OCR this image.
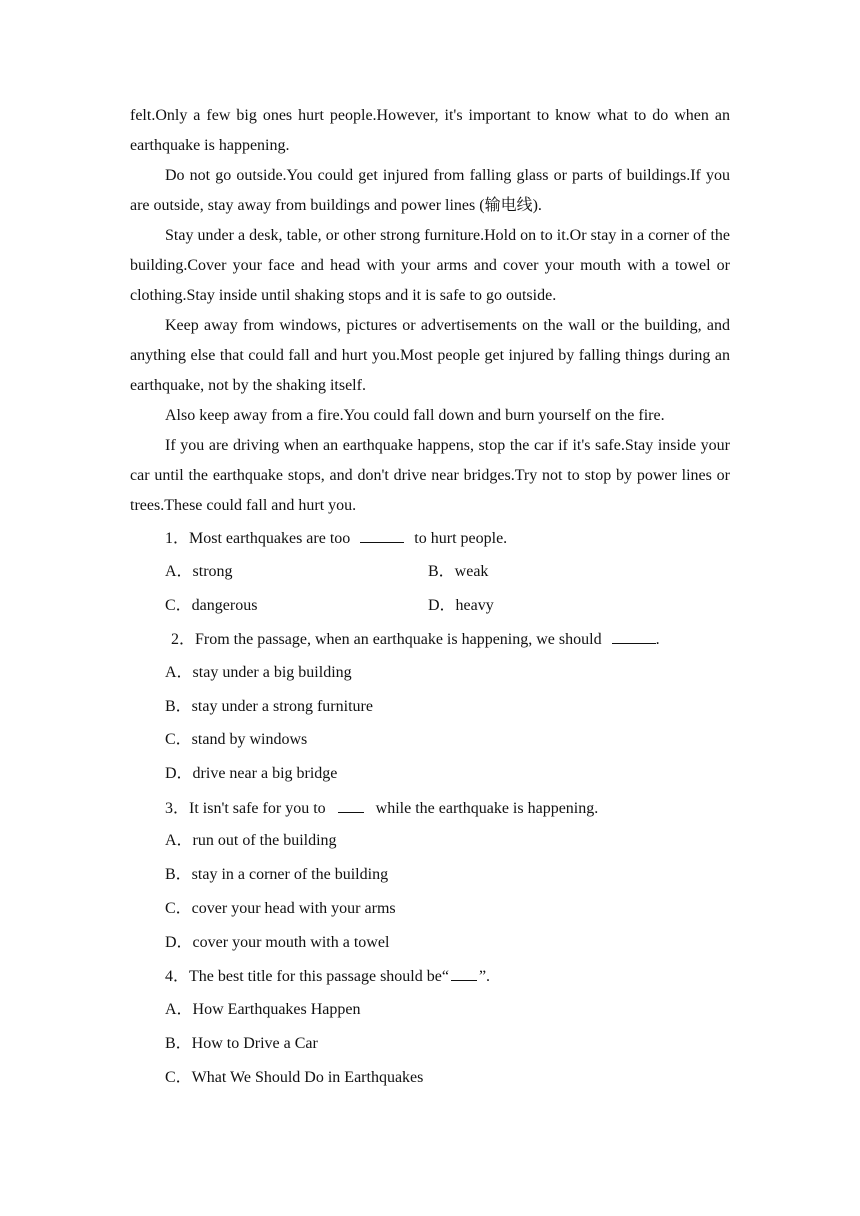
felt.Only a few big ones hurt people.However, it's important to know what to do when an earthquake is happening.

Do not go outside.You could get injured from falling glass or parts of buildings.If you are outside, stay away from buildings and power lines (输电线).

Stay under a desk, table, or other strong furniture.Hold on to it.Or stay in a corner of the building.Cover your face and head with your arms and cover your mouth with a towel or clothing.Stay inside until shaking stops and it is safe to go outside.

Keep away from windows, pictures or advertisements on the wall or the building, and anything else that could fall and hurt you.Most people get injured by falling things during an earthquake, not by the shaking itself.

Also keep away from a fire.You could fall down and burn yourself on the fire.

If you are driving when an earthquake happens, stop the car if it's safe.Stay inside your car until the earthquake stops, and don't drive near bridges.Try not to stop by power lines or trees.These could fall and hurt you.

1．Most earthquakes are too	to hurt people.

A．strong	B．weak

C．dangerous	D．heavy

2．From the passage, when an earthquake is happening, we should	.

A．stay under a big building

B．stay under a strong furniture

C．stand by windows

D．drive near a big bridge

3．It isn't safe for you to	while the earthquake is happening.

A．run out of the building

B．stay in a corner of the building

C．cover your head with your arms

D．cover your mouth with a towel

4．The best title for this passage should be“ ”.

A．How Earthquakes Happen

B．How to Drive a Car

C．What We Should Do in Earthquakes
